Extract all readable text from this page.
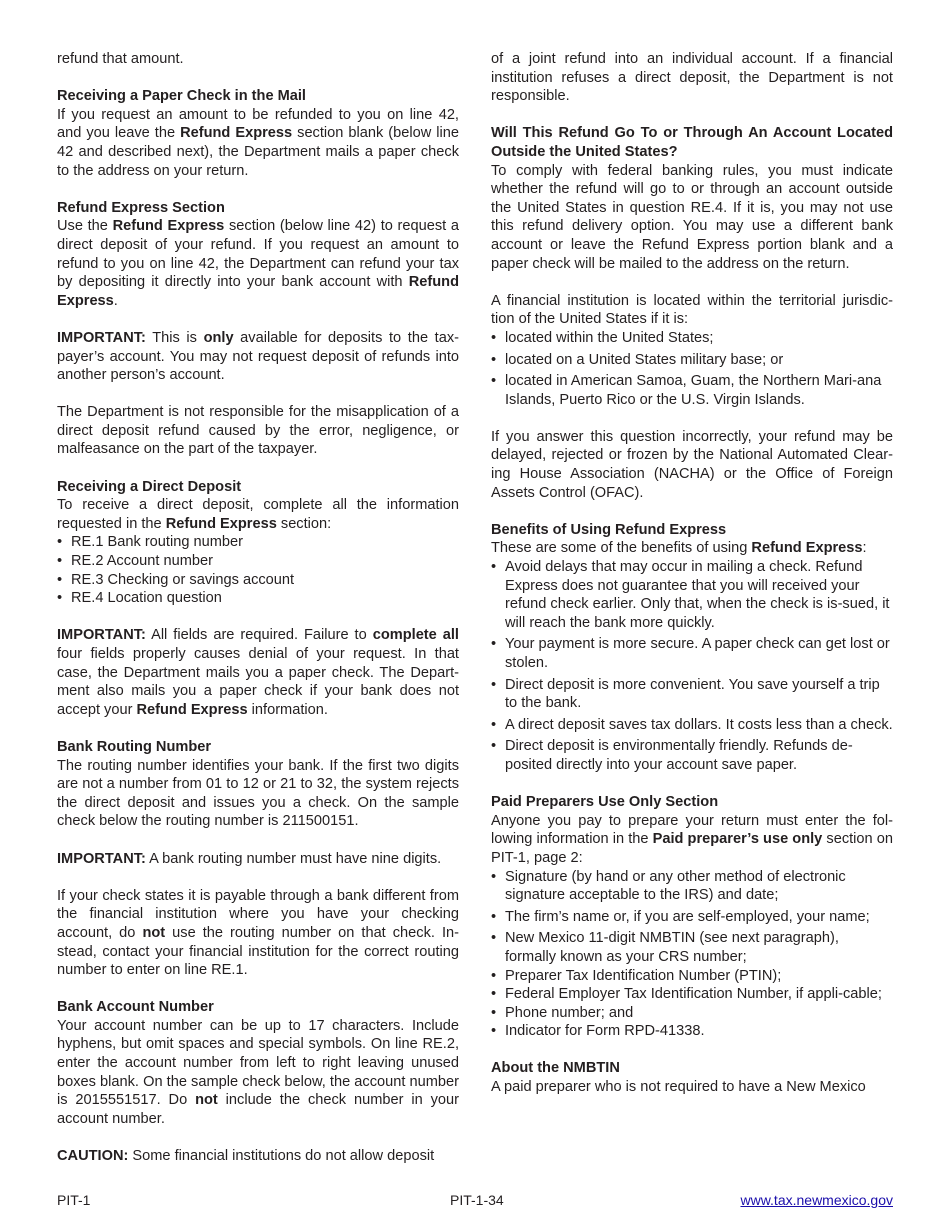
refund that amount.

Receiving a Paper Check in the Mail

If you request an amount to be refunded to you on line 42, and you leave the Refund Express section blank (below line 42 and described next), the Department mails a paper check to the address on your return.

Refund Express Section

Use the Refund Express section (below line 42) to request a direct deposit of your refund. If you request an amount to refund to you on line 42, the Department can refund your tax by depositing it directly into your bank account with Refund Express.

IMPORTANT: This is only available for deposits to the tax-payer’s account. You may not request deposit of refunds into another person’s account.

The Department is not responsible for the misapplication of a direct deposit refund caused by the error, negligence, or malfeasance on the part of the taxpayer.

Receiving a Direct Deposit

To receive a direct deposit, complete all the information requested in the Refund Express section:

• RE.1 Bank routing number
• RE.2 Account number
• RE.3 Checking or savings account
• RE.4 Location question

IMPORTANT: All fields are required. Failure to complete all four fields properly causes denial of your request. In that case, the Department mails you a paper check. The Depart-ment also mails you a paper check if your bank does not accept your Refund Express information.

Bank Routing Number

The routing number identifies your bank. If the first two digits are not a number from 01 to 12 or 21 to 32, the system rejects the direct deposit and issues you a check. On the sample check below the routing number is 211500151.

IMPORTANT: A bank routing number must have nine digits.

If your check states it is payable through a bank different from the financial institution where you have your checking account, do not use the routing number on that check. In-stead, contact your financial institution for the correct routing number to enter on line RE.1.

Bank Account Number

Your account number can be up to 17 characters. Include hyphens, but omit spaces and special symbols. On line RE.2, enter the account number from left to right leaving unused boxes blank. On the sample check below, the account number is 2015551517. Do not include the check number in your account number.

CAUTION: Some financial institutions do not allow deposit

of a joint refund into an individual account. If a financial institution refuses a direct deposit, the Department is not responsible.

Will This Refund Go To or Through An Account Located Outside the United States?

To comply with federal banking rules, you must indicate whether the refund will go to or through an account outside the United States in question RE.4. If it is, you may not use this refund delivery option. You may use a different bank account or leave the Refund Express portion blank and a paper check will be mailed to the address on the return.

A financial institution is located within the territorial jurisdic-tion of the United States if it is:

• located within the United States;
• located on a United States military base; or
• located in American Samoa, Guam, the Northern Mari-ana Islands, Puerto Rico or the U.S. Virgin Islands.

If you answer this question incorrectly, your refund may be delayed, rejected or frozen by the National Automated Clear-ing House Association (NACHA) or the Office of Foreign Assets Control (OFAC).

Benefits of Using Refund Express

These are some of the benefits of using Refund Express:

• Avoid delays that may occur in mailing a check. Refund Express does not guarantee that you will received your refund check earlier. Only that, when the check is is-sued, it will reach the bank more quickly.
• Your payment is more secure. A paper check can get lost or stolen.
• Direct deposit is more convenient. You save yourself a trip to the bank.
• A direct deposit saves tax dollars. It costs less than a check.
• Direct deposit is environmentally friendly. Refunds de-posited directly into your account save paper.

Paid Preparers Use Only Section

Anyone you pay to prepare your return must enter the fol-lowing information in the Paid preparer’s use only section on PIT-1, page 2:

• Signature (by hand or any other method of electronic signature acceptable to the IRS) and date;
• The firm’s name or, if you are self-employed, your name;
• New Mexico 11-digit NMBTIN (see next paragraph), formally known as your CRS number;
• Preparer Tax Identification Number (PTIN);
• Federal Employer Tax Identification Number, if appli-cable;
• Phone number; and
• Indicator for Form RPD-41338.

About the NMBTIN

A paid preparer who is not required to have a New Mexico

PIT-1	PIT-1-34	www.tax.newmexico.gov
